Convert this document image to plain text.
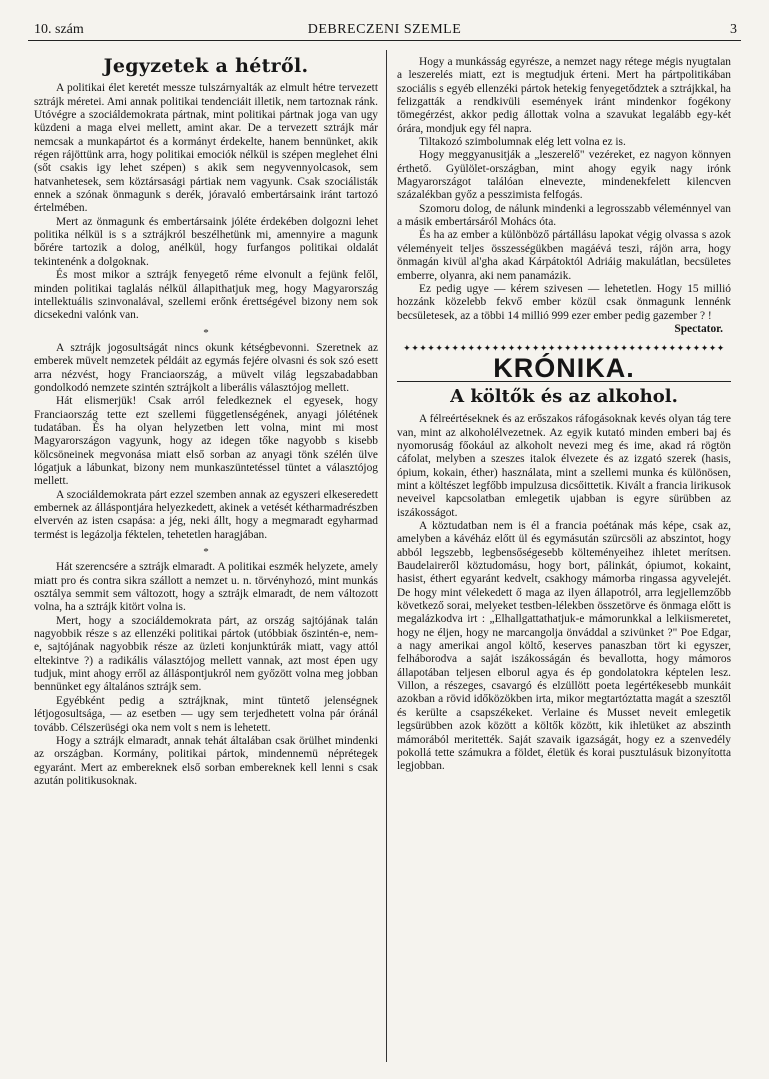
10. szám	DEBRECZENI SZEMLE	3
Jegyzetek a hétről.

A politikai élet keretét messze tulszárnyalták az elmult hétre tervezett sztrájk méretei. Ami annak politikai tendenciáit illetik, nem tartoznak ránk. Utóvégre a szociáldemokrata pártnak, mint politikai pártnak joga van ugy küzdeni a maga elvei mellett, amint akar. De a tervezett sztrájk már nemcsak a munkapártot és a kormányt érdekelte, hanem bennünket, akik régen rájöttünk arra, hogy politikai emociók nélkül is szépen meglehet élni (sőt csakis igy lehet szépen) s akik sem negyvennyolcasok, sem hatvanhetesek, sem köztársasági pártiak nem vagyunk. Csak szociálisták ennek a szónak önmagunk s derék, jóravaló embertársaink iránt tartozó értelmében.

Mert az önmagunk és embertársaink jóléte érdekében dolgozni lehet politika nélkül is s a sztrájkról beszélhetünk mi, amennyire a magunk bőrére tartozik a dolog, anélkül, hogy furfangos politikai oldalát tekintenénk a dolgoknak.

És most mikor a sztrájk fenyegető réme elvonult a fejünk felől, minden politikai taglalás nélkül állapithatjuk meg, hogy Magyarország intellektuális szinvonalával, szellemi erőnk érettségével bizony nem sok dicsekedni valónk van.

*

A sztrájk jogosultságát nincs okunk kétségbevonni. Szeretnek az emberek müvelt nemzetek példáit az egymás fejére olvasni és sok szó esett arra nézvést, hogy Franciaország, a müvelt világ legszabadabban gondolkodó nemzete szintén sztrájkolt a liberális választójog mellett.

Hát elismerjük! Csak arról feledkeznek el egyesek, hogy Franciaország tette ezt szellemi függetlenségének, anyagi jólétének tudatában. És ha olyan helyzetben lett volna, mint mi most Magyarországon vagyunk, hogy az idegen tőke nagyobb s kisebb kölcsöneinek megvonása miatt első sorban az anyagi tönk szélén ülve lógatjuk a lábunkat, bizony nem munkaszüntetéssel tüntet a választójog mellett.

A szociáldemokrata párt ezzel szemben annak az egyszeri elkeseredett embernek az álláspontjára helyezkedett, akinek a vetését kétharmadrészben elvervén az isten csapása: a jég, neki állt, hogy a megmaradt egyharmad termést is legázolja féktelen, tehetetlen haragjában.

*

Hát szerencsére a sztrájk elmaradt. A politikai eszmék helyzete, amely miatt pro és contra sikra szállott a nemzet u. n. törvényhozó, mint munkás osztálya semmit sem változott, hogy a sztrájk elmaradt, de nem változott volna, ha a sztrájk kitört volna is.

Mert, hogy a szociáldemokrata párt, az ország sajtójának talán nagyobbik része s az ellenzéki politikai pártok (utóbbiak őszintén-e, nem-e, sajtójának nagyobbik része az üzleti konjunktúrák miatt, vagy attól eltekintve ?) a radikális választójog mellett vannak, azt most épen ugy tudjuk, mint ahogy erről az álláspontjukról nem győzött volna meg jobban bennünket egy általános sztrájk sem.

Egyébként pedig a sztrájknak, mint tüntető jelenségnek létjogosultsága, — az esetben — ugy sem terjedhetett volna pár óránál tovább. Célszerüségi oka nem volt s nem is lehetett.

Hogy a sztrájk elmaradt, annak tehát általában csak örülhet mindenki az országban. Kormány, politikai pártok, mindennemü néprétegek egyaránt. Mert az embereknek első sorban embereknek kell lenni s csak azután politikusoknak.

Hogy a munkásság egyrésze, a nemzet nagy rétege mégis nyugtalan a leszerelés miatt, ezt is megtudjuk érteni. Mert ha pártpolitikában szociális s egyéb ellenzéki pártok hetekig fenyegetődztek a sztrájkkal, ha felizgatták a rendkivüli események iránt mindenkor fogékony tömegérzést, akkor pedig állottak volna a szavukat legalább egy-két órára, mondjuk egy fél napra.

Tiltakozó szimbolumnak elég lett volna ez is.

Hogy meggyanusitják a „leszerelő" vezéreket, ez nagyon könnyen érthető. Gyülölet-országban, mint ahogy egyik nagy irónk Magyarországot találóan elnevezte, mindenekfelett kilencven százalékban győz a pesszimista felfogás.

Szomoru dolog, de nálunk mindenki a legrosszabb véleménnyel van a másik embertársáról Mohács óta.

És ha az ember a különböző pártállásu lapokat végig olvassa s azok véleményeit teljes összességükben magáévá teszi, rájön arra, hogy önmagán kivül al'gha akad Kárpátoktól Adriáig makulátlan, becsületes emberre, olyanra, aki nem panamázik.

Ez pedig ugye — kérem szivesen — lehetetlen. Hogy 15 millió hozzánk közelebb fekvő ember közül csak önmagunk lennénk becsületesek, az a többi 14 millió 999 ezer ember pedig gazember ? !

Spectator.
✦✦✦✦✦✦✦✦✦✦✦✦✦✦✦✦✦✦✦✦✦✦✦✦✦✦✦✦✦✦✦✦✦✦✦✦✦✦✦✦
KRÓNIKA.
A költők és az alkohol.

A félreértéseknek és az erőszakos ráfogásoknak kevés olyan tág tere van, mint az alkoholélvezetnek. Az egyik kutató minden emberi baj és nyomoruság főokául az alkoholt nevezi meg és ime, akad rá rögtön cáfolat, melyben a szeszes italok élvezete és az izgató szerek (hasis, ópium, kokain, éther) használata, mint a szellemi munka és különösen, mint a költészet legfőbb impulzusa dicsőittetik. Kivált a francia lirikusok neveivel kapcsolatban emlegetik ujabban is egyre sürübben az iszákosságot.

A köztudatban nem is él a francia poétának más képe, csak az, amelyben a kávéház előtt ül és egymásután szürcsöli az abszintot, hogy abból legszebb, legbensőségesebb költeményeihez ihletet merítsen. Baudelaireről köztudomásu, hogy bort, pálinkát, ópiumot, kokaint, hasist, éthert egyaránt kedvelt, csakhogy mámorba ringassa agyvelejét. De hogy mint vélekedett ő maga az ilyen állapotról, arra legjellemzőbb következő sorai, melyeket testben-lélekben összetörve és önmaga előtt is megalázkodva irt : „Elhallgattathatjuk-e mámorunkkal a lelkiismeretet, hogy ne éljen, hogy ne marcangolja önváddal a szivünket ?" Poe Edgar, a nagy amerikai angol költő, keserves panaszban tört ki egyszer, felháborodva a saját iszákosságán és bevallotta, hogy mámoros állapotában teljesen elborul agya és ép gondolatokra képtelen lesz. Villon, a részeges, csavargó és elzüllött poeta legértékesebb munkáit azokban a rövid időközökben irta, mikor megtartóztatta magát a szesztől és kerülte a csapszékeket. Verlaine és Musset neveit emlegetik legsürübben azok között a költők között, kik ihletüket az abszinth mámorából meritették. Saját szavaik igazságát, hogy ez a szenvedély pokollá tette számukra a földet, életük és korai pusztulásuk bizonyította legjobban.
